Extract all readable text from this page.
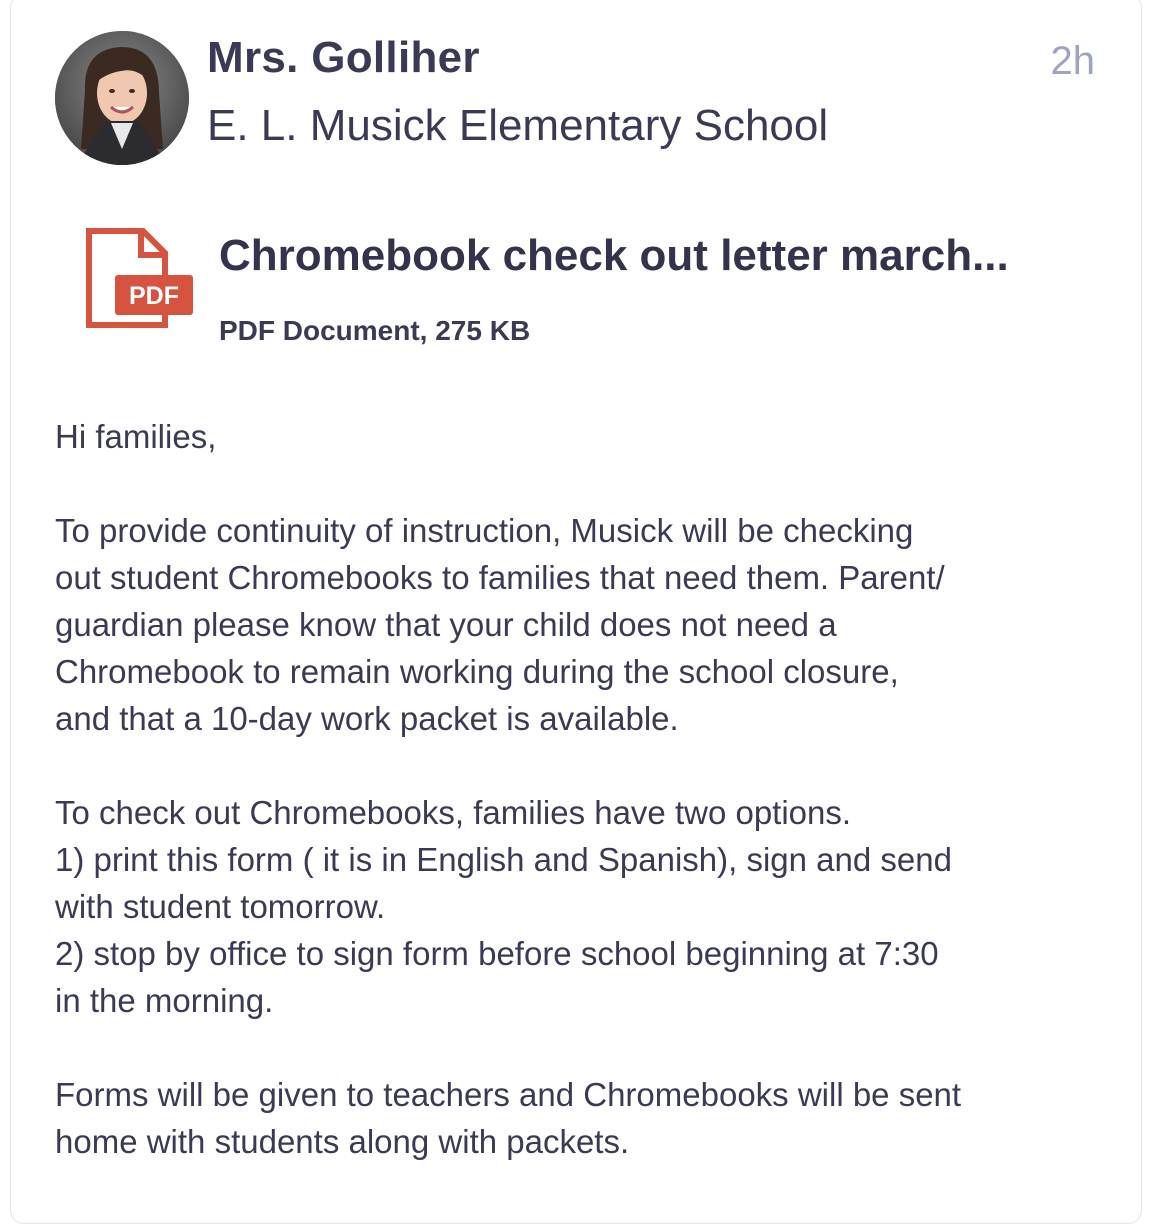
Mrs. Golliher
E. L. Musick Elementary School
2h
PDF
Chromebook check out letter march...
PDF Document, 275 KB

Hi families,

To provide continuity of instruction, Musick will be checking
out student Chromebooks to families that need them. Parent/
guardian please know that your child does not need a
Chromebook to remain working during the school closure,
and that a 10-day work packet is available.

To check out Chromebooks, families have two options.
1) print this form ( it is in English and Spanish), sign and send
with student tomorrow.
2) stop by office to sign form before school beginning at 7:30
in the morning.

Forms will be given to teachers and Chromebooks will be sent
home with students along with packets.
